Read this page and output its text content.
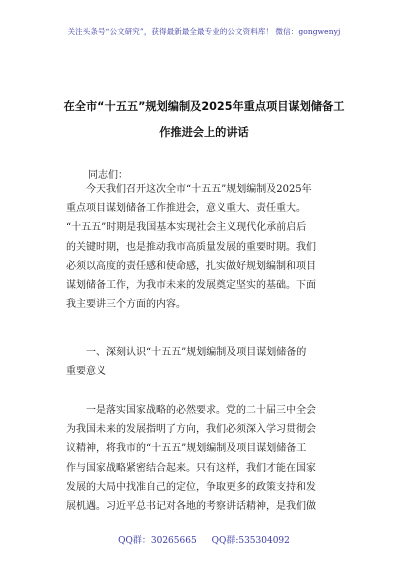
关注头条号“公文研究”，获得最新最全最专业的公文资料库！ 微信：gongwenyj
在全市“十五五”规划编制及2025年重点项目谋划储备工
作推进会上的讲话
同志们：
今天我们召开这次全市“十五五”规划编制及2025年
重点项目谋划储备工作推进会，意义重大、责任重大。
“十五五”时期是我国基本实现社会主义现代化承前启后
的关键时期，也是推动我市高质量发展的重要时期。我们
必须以高度的责任感和使命感，扎实做好规划编制和项目
谋划储备工作，为我市未来的发展奠定坚实的基础。下面
我主要讲三个方面的内容。
一、深刻认识“十五五”规划编制及项目谋划储备的
重要意义
一是落实国家战略的必然要求。党的二十届三中全会
为我国未来的发展指明了方向，我们必须深入学习贯彻会
议精神，将我市的“十五五”规划编制及项目谋划储备工
作与国家战略紧密结合起来。只有这样，我们才能在国家
发展的大局中找准自己的定位，争取更多的政策支持和发
展机遇。习近平总书记对各地的考察讲话精神，是我们做
QQ群：30265665 QQ群:535304092
